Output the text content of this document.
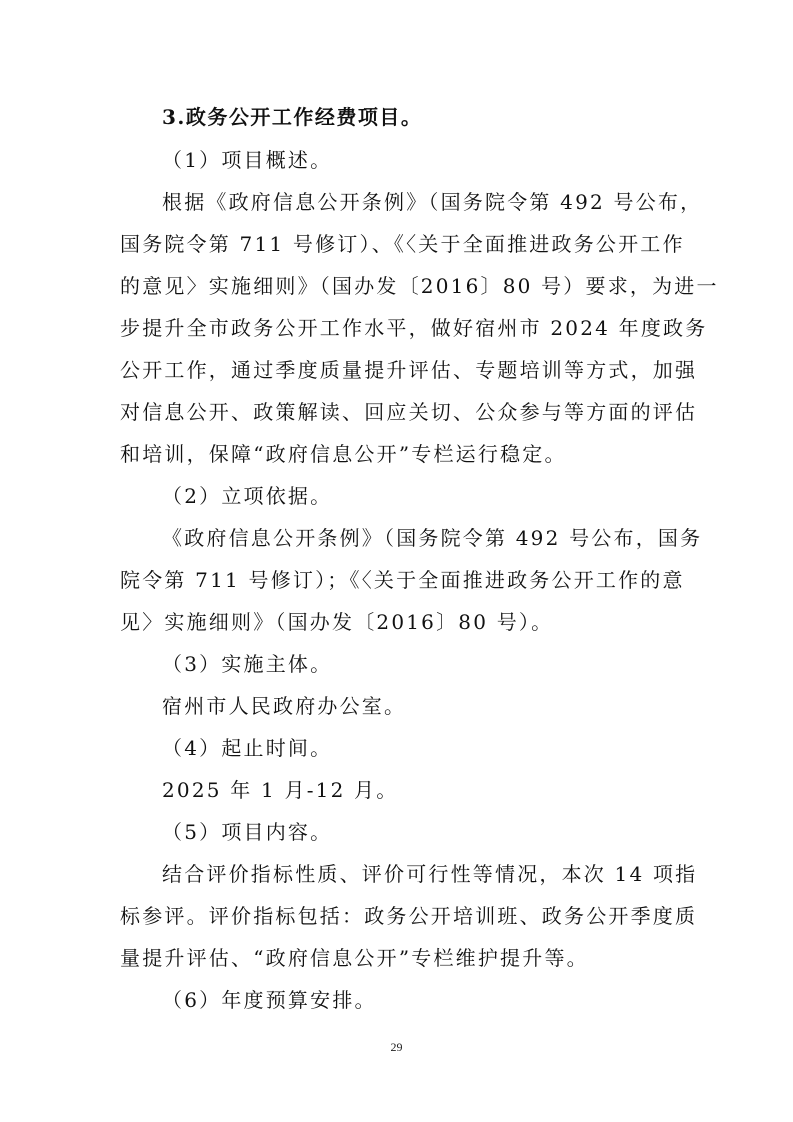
3.政务公开工作经费项目。
（1）项目概述。
根据《政府信息公开条例》（国务院令第 492 号公布，
国务院令第 711 号修订）、《〈关于全面推进政务公开工作
的意见〉实施细则》（国办发〔2016〕80 号）要求，为进一
步提升全市政务公开工作水平，做好宿州市 2024 年度政务
公开工作，通过季度质量提升评估、专题培训等方式，加强
对信息公开、政策解读、回应关切、公众参与等方面的评估
和培训，保障“政府信息公开”专栏运行稳定。
（2）立项依据。
《政府信息公开条例》（国务院令第 492 号公布，国务
院令第 711 号修订）；《〈关于全面推进政务公开工作的意
见〉实施细则》（国办发〔2016〕80 号）。
（3）实施主体。
宿州市人民政府办公室。
（4）起止时间。
2025 年 1 月-12 月。
（5）项目内容。
结合评价指标性质、评价可行性等情况，本次 14 项指
标参评。评价指标包括：政务公开培训班、政务公开季度质
量提升评估、“政府信息公开”专栏维护提升等。
（6）年度预算安排。
29
